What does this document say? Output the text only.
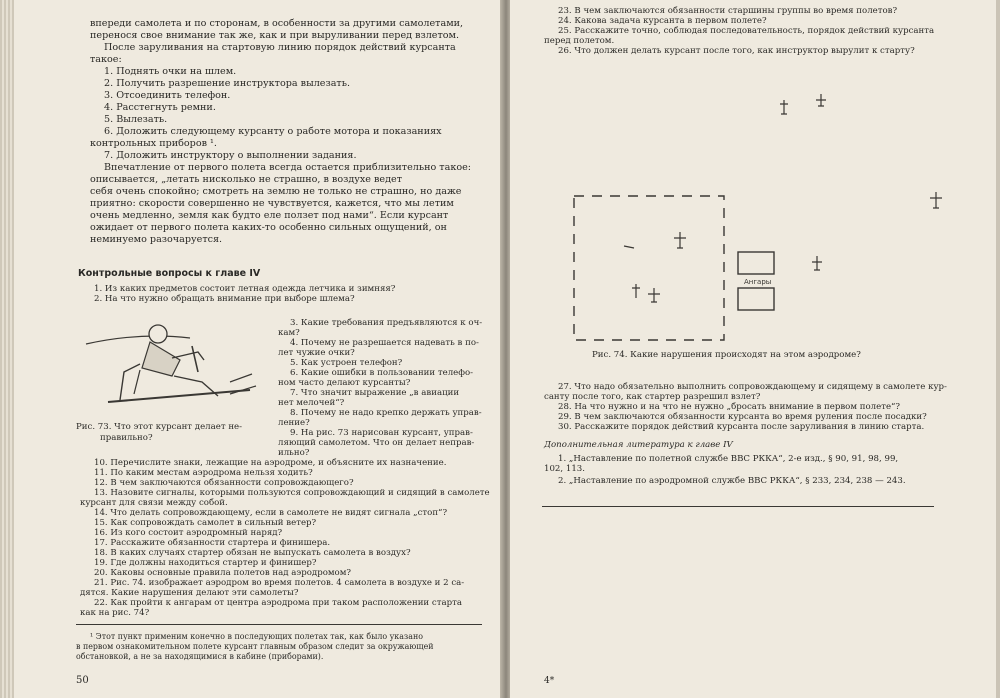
впереди самолета и по сторонам, в особенности за другими самолетами,
перенося свое внимание так же, как и при выруливании перед взлетом.
После заруливания на стартовую линию порядок действий курсанта
такое:
1. Поднять очки на шлем.
2. Получить разрешение инструктора вылезать.
3. Отсоединить телефон.
4. Расстегнуть ремни.
5. Вылезать.
6. Доложить следующему курсанту о работе мотора и показаниях
контрольных приборов ¹.
7. Доложить инструктору о выполнении задания.
Впечатление от первого полета всегда остается приблизительно такое:
описывается, „летать нисколько не страшно, в воздухе ведет
себя очень спокойно; смотреть на землю не только не страшно, но даже
приятно: скорости совершенно не чувствуется, кажется, что мы летим
очень медленно, земля как будто еле ползет под нами“. Если курсант
ожидает от первого полета каких-то особенно сильных ощущений, он
неминуемо разочаруется.
Контрольные вопросы к главе IV
1. Из каких предметов состоит летная одежда летчика и зимняя?
2. На что нужно обращать внимание при выборе шлема?
Рис. 73. Что этот курсант делает не-
правильно?
3. Какие требования предъявляются к оч-
кам?
4. Почему не разрешается надевать в по-
лет чужие очки?
5. Как устроен телефон?
6. Какие ошибки в пользовании телефо-
ном часто делают курсанты?
7. Что значит выражение „в авиации
нет мелочей“?
8. Почему не надо крепко держать управ-
ление?
9. На рис. 73 нарисован курсант, управ-
ляющий самолетом. Что он делает неправ-
ильно?
10. Перечислите знаки, лежащие на аэродроме, и объясните их назначение.
11. По каким местам аэродрома нельзя ходить?
12. В чем заключаются обязанности сопровождающего?
13. Назовите сигналы, которыми пользуются сопровождающий и сидящий в самолете
курсант для связи между собой.
14. Что делать сопровождающему, если в самолете не видят сигнала „стоп“?
15. Как сопровождать самолет в сильный ветер?
16. Из кого состоит аэродромный наряд?
17. Расскажите обязанности стартера и финишера.
18. В каких случаях стартер обязан не выпускать самолета в воздух?
19. Где должны находиться стартер и финишер?
20. Каковы основные правила полетов над аэродромом?
21. Рис. 74. изображает аэродром во время полетов. 4 самолета в воздухе и 2 са-
дятся. Какие нарушения делают эти самолеты?
22. Как пройти к ангарам от центра аэродрома при таком расположении старта
как на рис. 74?
¹ Этот пункт применим конечно в последующих полетах так, как было указано
в первом ознакомительном полете курсант главным образом следит за окружающей
обстановкой, а не за находящимися в кабине (приборами).
50
23. В чем заключаются обязанности старшины группы во время полетов?
24. Какова задача курсанта в первом полете?
25. Расскажите точно, соблюдая последовательность, порядок действий курсанта
перед полетом.
26. Что должен делать курсант после того, как инструктор вырулит к старту?
Ангары
Рис. 74. Какие нарушения происходят на этом аэродроме?
27. Что надо обязательно выполнить сопровождающему и сидящему в самолете кур-
санту после того, как стартер разрешил взлет?
28. На что нужно и на что не нужно „бросать внимание в первом полете“?
29. В чем заключаются обязанности курсанта во время руления после посадки?
30. Расскажите порядок действий курсанта после заруливания в линию старта.
Дополнительная литература к главе IV
1. „Наставление по полетной службе ВВС РККА“, 2-е изд., § 90, 91, 98, 99,
102, 113.
2. „Наставление по аэродромной службе ВВС РККА“, § 233, 234, 238 — 243.
4*
